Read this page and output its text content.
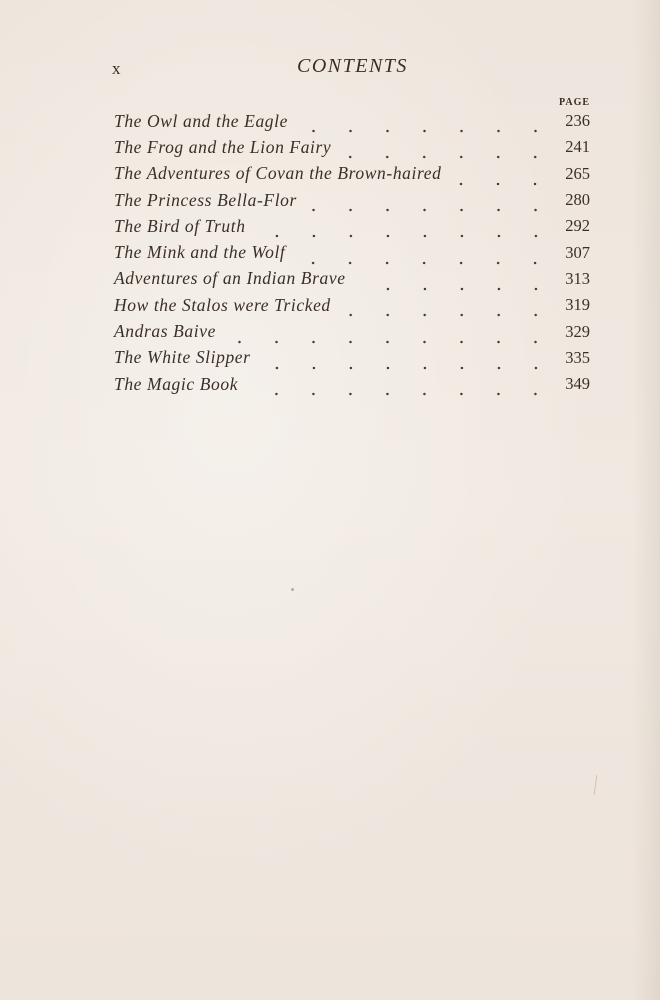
x	CONTENTS
PAGE
The Owl and the Eagle	236
The Frog and the Lion Fairy	241
The Adventures of Covan the Brown-haired	265
The Princess Bella-Flor	280
The Bird of Truth	292
The Mink and the Wolf	307
Adventures of an Indian Brave	313
How the Stalos were Tricked	319
Andras Baive	329
The White Slipper	335
The Magic Book	349
